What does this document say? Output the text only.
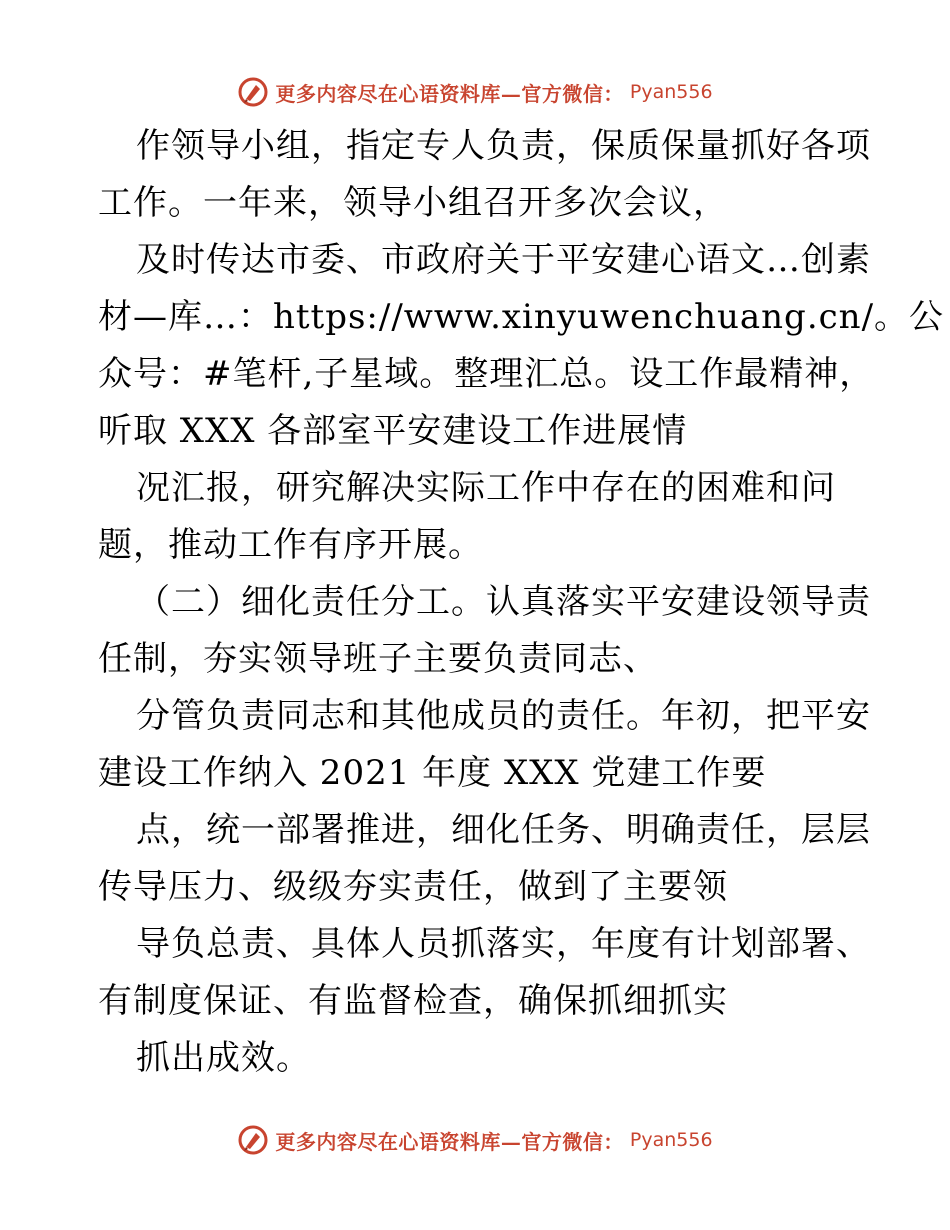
更多内容尽在心语资料库—官方微信： Pyan556
作领导小组，指定专人负责，保质保量抓好各项
工作。一年来，领导小组召开多次会议，
及时传达市委、市政府关于平安建心语文…创素
材—库…：https://www.xinyuwenchuang.cn/。公
众号：#笔杆,子星域。整理汇总。设工作最精神，
听取 XXX 各部室平安建设工作进展情
况汇报，研究解决实际工作中存在的困难和问
题，推动工作有序开展。
（二）细化责任分工。认真落实平安建设领导责
任制，夯实领导班子主要负责同志、
分管负责同志和其他成员的责任。年初，把平安
建设工作纳入 2021 年度 XXX 党建工作要
点，统一部署推进，细化任务、明确责任，层层
传导压力、级级夯实责任，做到了主要领
导负总责、具体人员抓落实，年度有计划部署、
有制度保证、有监督检查，确保抓细抓实
抓出成效。
更多内容尽在心语资料库—官方微信： Pyan556
